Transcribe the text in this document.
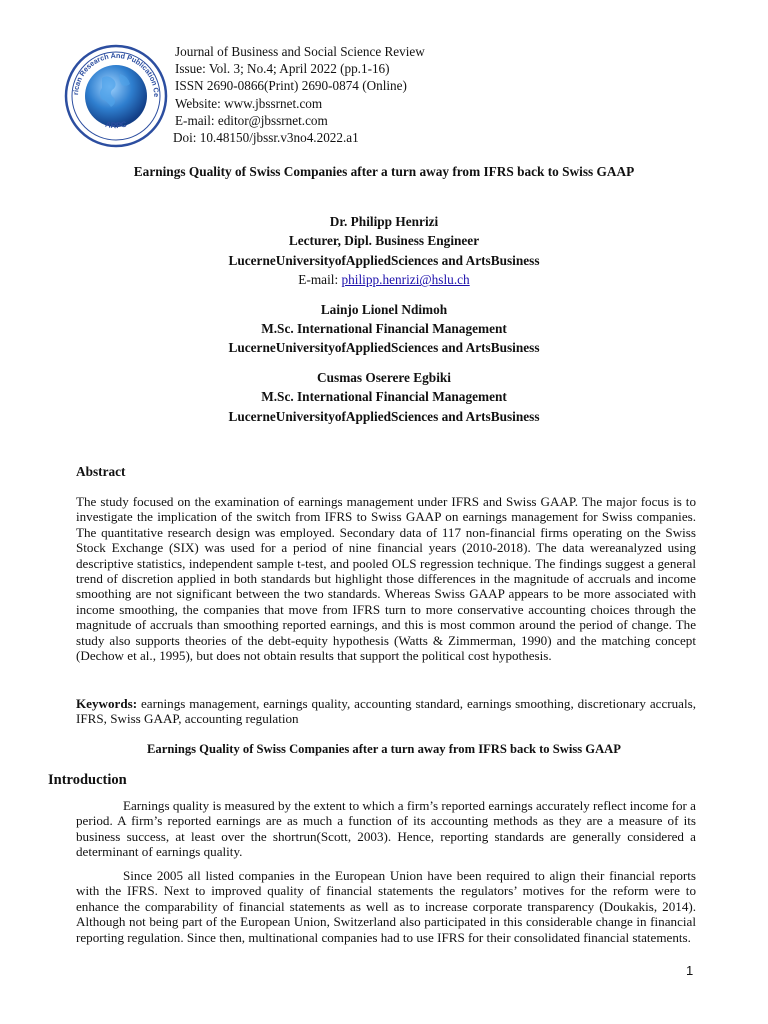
rican Research And Publication Ce
ARPC
Journal of Business and Social Science Review
Issue: Vol. 3; No.4; April 2022 (pp.1-16)
ISSN 2690-0866(Print) 2690-0874 (Online)
Website: www.jbssrnet.com
E-mail: editor@jbssrnet.com
Doi: 10.48150/jbssr.v3no4.2022.a1
Earnings Quality of Swiss Companies after a turn away from IFRS back to Swiss GAAP
Dr. Philipp Henrizi
Lecturer, Dipl. Business Engineer
LucerneUniversityofAppliedSciences and ArtsBusiness
E-mail: philipp.henrizi@hslu.ch
Lainjo Lionel Ndimoh
M.Sc. International Financial Management
LucerneUniversityofAppliedSciences and ArtsBusiness
Cusmas Oserere Egbiki
M.Sc. International Financial Management
LucerneUniversityofAppliedSciences and ArtsBusiness
Abstract
The study focused on the examination of earnings management under IFRS and Swiss GAAP. The major focus is to investigate the implication of the switch from IFRS to Swiss GAAP on earnings management for Swiss companies. The quantitative research design was employed. Secondary data of 117 non-financial firms operating on the Swiss Stock Exchange (SIX) was used for a period of nine financial years (2010-2018). The data wereanalyzed using descriptive statistics, independent sample t-test, and pooled OLS regression technique. The findings suggest a general trend of discretion applied in both standards but highlight those differences in the magnitude of accruals and income smoothing are not significant between the two standards. Whereas Swiss GAAP appears to be more associated with income smoothing, the companies that move from IFRS turn to more conservative accounting choices through the magnitude of accruals than smoothing reported earnings, and this is most common around the period of change. The study also supports theories of the debt-equity hypothesis (Watts & Zimmerman, 1990) and the matching concept (Dechow et al., 1995), but does not obtain results that support the political cost hypothesis.
Keywords: earnings management, earnings quality, accounting standard, earnings smoothing, discretionary accruals, IFRS, Swiss GAAP, accounting regulation
Earnings Quality of Swiss Companies after a turn away from IFRS back to Swiss GAAP
Introduction
Earnings quality is measured by the extent to which a firm’s reported earnings accurately reflect income for a period. A firm’s reported earnings are as much a function of its accounting methods as they are a measure of its business success, at least over the shortrun(Scott, 2003). Hence, reporting standards are generally considered a determinant of earnings quality.
Since 2005 all listed companies in the European Union have been required to align their financial reports with the IFRS. Next to improved quality of financial statements the regulators’ motives for the reform were to enhance the comparability of financial statements as well as to increase corporate transparency (Doukakis, 2014). Although not being part of the European Union, Switzerland also participated in this considerable change in financial reporting regulation. Since then, multinational companies had to use IFRS for their consolidated financial statements.
1
